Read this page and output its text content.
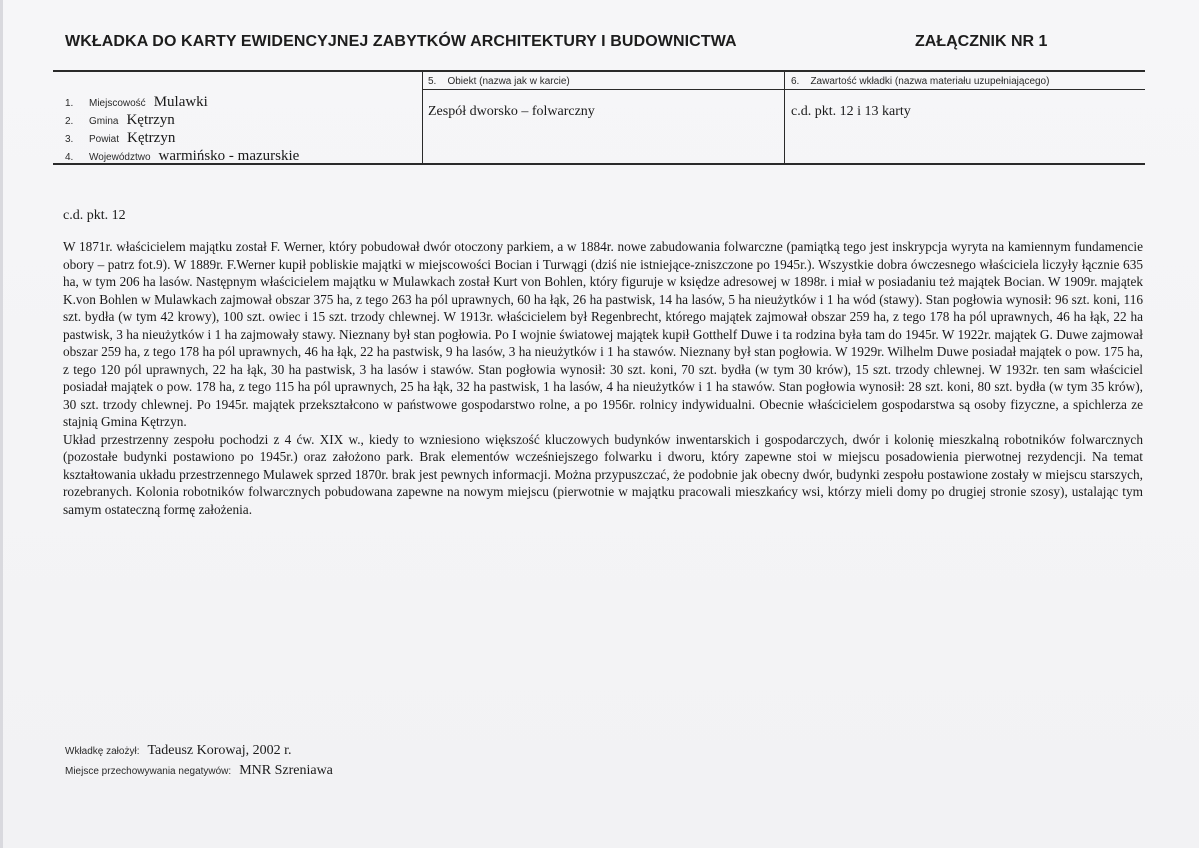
WKŁADKA DO KARTY EWIDENCYJNEJ ZABYTKÓW ARCHITEKTURY I BUDOWNICTWA	ZAŁĄCZNIK NR 1
1. Miejscowość Mulawki
2. Gmina Kętrzyn
3. Powiat Kętrzyn
4. Województwo warmińsko - mazurskie
5.    Obiekt (nazwa jak w karcie)
Zespół dworsko – folwarczny
6.    Zawartość wkładki (nazwa materiału uzupełniającego)
c.d. pkt. 12 i 13 karty
c.d. pkt. 12

W 1871r. właścicielem majątku został F. Werner, który pobudował dwór otoczony parkiem, a w 1884r. nowe zabudowania folwarczne (pamiątką tego jest inskrypcja wyryta na kamiennym fundamencie obory – patrz fot.9). W 1889r. F.Werner kupił pobliskie majątki w miejscowości Bocian i Turwągi (dziś nie istniejące-zniszczone po 1945r.). Wszystkie dobra ówczesnego właściciela liczyły łącznie 635 ha, w tym 206 ha lasów. Następnym właścicielem majątku w Mulawkach został Kurt von Bohlen, który figuruje w księdze adresowej w 1898r. i miał w posiadaniu też majątek Bocian. W 1909r. majątek K.von Bohlen w Mulawkach zajmował obszar 375 ha, z tego 263 ha pól uprawnych, 60 ha łąk, 26 ha pastwisk, 14 ha lasów, 5 ha nieużytków i 1 ha wód (stawy). Stan pogłowia wynosił: 96 szt. koni, 116 szt. bydła (w tym 42 krowy), 100 szt. owiec i 15 szt. trzody chlewnej. W 1913r. właścicielem był Regenbrecht, którego majątek zajmował obszar 259 ha, z tego 178 ha pól uprawnych, 46 ha łąk, 22 ha pastwisk, 3 ha nieużytków i 1 ha zajmowały stawy. Nieznany był stan pogłowia. Po I wojnie światowej majątek kupił Gotthelf Duwe i ta rodzina była tam do 1945r. W 1922r. majątek G. Duwe zajmował obszar 259 ha, z tego 178 ha pól uprawnych, 46 ha łąk, 22 ha pastwisk, 9 ha lasów, 3 ha nieużytków i 1 ha stawów. Nieznany był stan pogłowia. W 1929r. Wilhelm Duwe posiadał majątek o pow. 175 ha, z tego 120 pól uprawnych, 22 ha łąk, 30 ha pastwisk, 3 ha lasów i stawów. Stan pogłowia wynosił: 30 szt. koni, 70 szt. bydła (w tym 30 krów), 15 szt. trzody chlewnej. W 1932r. ten sam właściciel posiadał majątek o pow. 178 ha, z tego 115 ha pól uprawnych, 25 ha łąk, 32 ha pastwisk, 1 ha lasów, 4 ha nieużytków i 1 ha stawów. Stan pogłowia wynosił: 28 szt. koni, 80 szt. bydła (w tym 35 krów), 30 szt. trzody chlewnej. Po 1945r. majątek przekształcono w państwowe gospodarstwo rolne, a po 1956r. rolnicy indywidualni. Obecnie właścicielem gospodarstwa są osoby fizyczne, a spichlerza ze stajnią Gmina Kętrzyn.

Układ przestrzenny zespołu pochodzi z 4 ćw. XIX w., kiedy to wzniesiono większość kluczowych budynków inwentarskich i gospodarczych, dwór i kolonię mieszkalną robotników folwarcznych (pozostałe budynki postawiono po 1945r.) oraz założono park. Brak elementów wcześniejszego folwarku i dworu, który zapewne stoi w miejscu posadowienia pierwotnej rezydencji. Na temat kształtowania układu przestrzennego Mulawek sprzed 1870r. brak jest pewnych informacji. Można przypuszczać, że podobnie jak obecny dwór, budynki zespołu postawione zostały w miejscu starszych, rozebranych. Kolonia robotników folwarcznych pobudowana zapewne na nowym miejscu (pierwotnie w majątku pracowali mieszkańcy wsi, którzy mieli domy po drugiej stronie szosy), ustalając tym samym ostateczną formę założenia.

Wkładkę założył: Tadeusz Korowaj, 2002 r.
Miejsce przechowywania negatywów: MNR Szreniawa
